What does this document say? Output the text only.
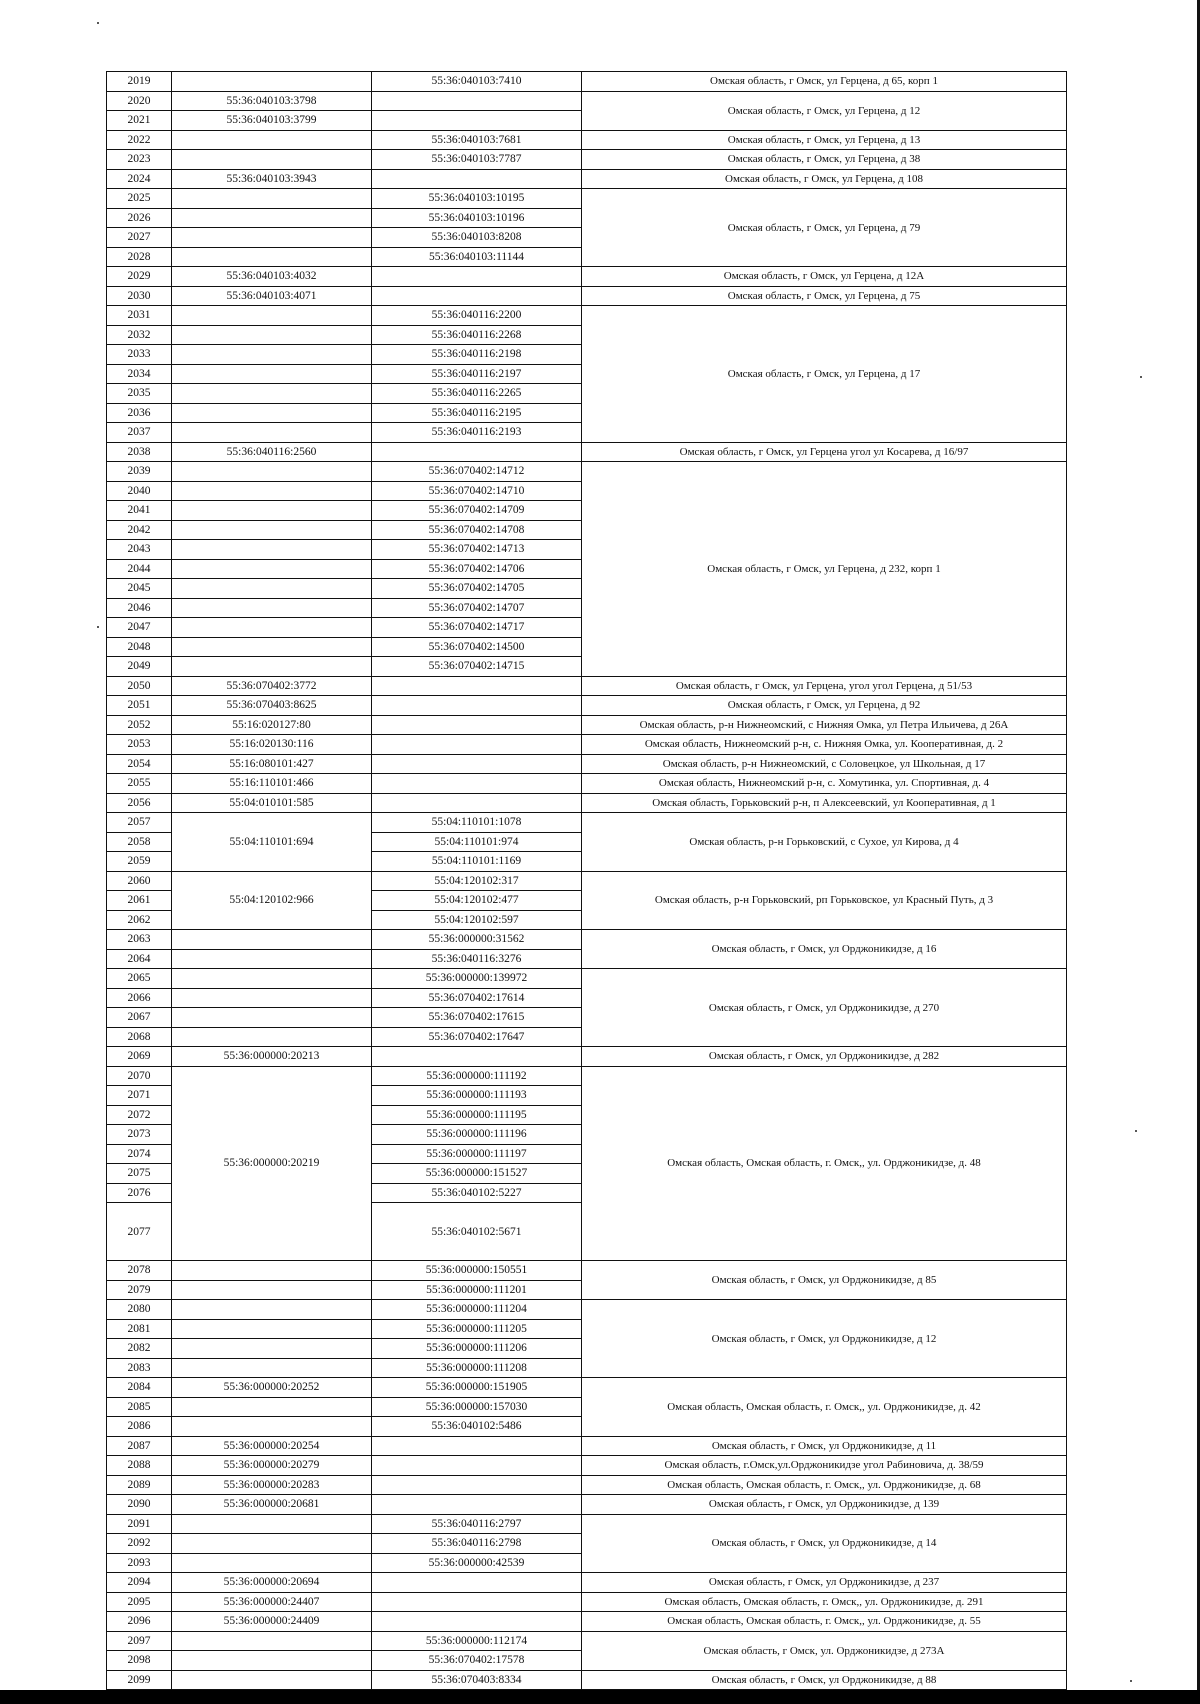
2019		55:36:040103:7410	Омская область, г Омск, ул Герцена, д 65, корп 1
2020	55:36:040103:3798		Омская область, г Омск, ул Герцена, д 12
2021	55:36:040103:3799		
2022		55:36:040103:7681	Омская область, г Омск, ул Герцена, д 13
2023		55:36:040103:7787	Омская область, г Омск, ул Герцена, д 38
2024	55:36:040103:3943		Омская область, г Омск, ул Герцена, д 108
2025		55:36:040103:10195	Омская область, г Омск, ул Герцена, д 79
2026		55:36:040103:10196	
2027		55:36:040103:8208	
2028		55:36:040103:11144	
2029	55:36:040103:4032		Омская область, г Омск, ул Герцена, д 12А
2030	55:36:040103:4071		Омская область, г Омск, ул Герцена, д 75
2031		55:36:040116:2200	Омская область, г Омск, ул Герцена, д 17
2032		55:36:040116:2268	
2033		55:36:040116:2198	
2034		55:36:040116:2197	
2035		55:36:040116:2265	
2036		55:36:040116:2195	
2037		55:36:040116:2193	
2038	55:36:040116:2560		Омская область, г Омск, ул Герцена угол ул Косарева, д 16/97
2039		55:36:070402:14712	Омская область, г Омск, ул Герцена, д 232, корп 1
2040		55:36:070402:14710	
2041		55:36:070402:14709	
2042		55:36:070402:14708	
2043		55:36:070402:14713	
2044		55:36:070402:14706	
2045		55:36:070402:14705	
2046		55:36:070402:14707	
2047		55:36:070402:14717	
2048		55:36:070402:14500	
2049		55:36:070402:14715	
2050	55:36:070402:3772		Омская область, г Омск, ул Герцена, угол угол Герцена, д 51/53
2051	55:36:070403:8625		Омская область, г Омск, ул Герцена, д 92
2052	55:16:020127:80		Омская область, р-н Нижнеомский, с Нижняя Омка, ул Петра Ильичева, д 26А
2053	55:16:020130:116		Омская область, Нижнеомский р-н, с. Нижняя Омка, ул. Кооперативная, д. 2
2054	55:16:080101:427		Омская область, р-н Нижнеомский, с Соловецкое, ул Школьная, д 17
2055	55:16:110101:466		Омская область, Нижнеомский р-н, с. Хомутинка, ул. Спортивная, д. 4
2056	55:04:010101:585		Омская область, Горьковский р-н, п Алексеевский, ул Кооперативная, д 1
2057	55:04:110101:694	55:04:110101:1078	Омская область, р-н Горьковский, с Сухое, ул Кирова, д 4
2058		55:04:110101:974	
2059		55:04:110101:1169	
2060	55:04:120102:966	55:04:120102:317	Омская область, р-н Горьковский, рп Горьковское, ул Красный Путь, д 3
2061		55:04:120102:477	
2062		55:04:120102:597	
2063		55:36:000000:31562	Омская область, г Омск, ул Орджоникидзе, д 16
2064		55:36:040116:3276	
2065		55:36:000000:139972	Омская область, г Омск, ул Орджоникидзе, д 270
2066		55:36:070402:17614	
2067		55:36:070402:17615	
2068		55:36:070402:17647	
2069	55:36:000000:20213		Омская область, г Омск, ул Орджоникидзе, д 282
2070	55:36:000000:20219	55:36:000000:111192	Омская область, Омская область, г. Омск,, ул. Орджоникидзе, д. 48
2071		55:36:000000:111193	
2072		55:36:000000:111195	
2073		55:36:000000:111196	
2074		55:36:000000:111197	
2075		55:36:000000:151527	
2076		55:36:040102:5227	
2077		55:36:040102:5671	
2078		55:36:000000:150551	Омская область, г Омск, ул Орджоникидзе, д 85
2079		55:36:000000:111201	
2080		55:36:000000:111204	Омская область, г Омск, ул Орджоникидзе, д 12
2081		55:36:000000:111205	
2082		55:36:000000:111206	
2083		55:36:000000:111208	
2084	55:36:000000:20252	55:36:000000:151905	Омская область, Омская область, г. Омск,, ул. Орджоникидзе, д. 42
2085		55:36:000000:157030	
2086		55:36:040102:5486	
2087	55:36:000000:20254		Омская область, г Омск, ул Орджоникидзе, д 11
2088	55:36:000000:20279		Омская область, г.Омск,ул.Орджоникидзе угол Рабиновича, д. 38/59
2089	55:36:000000:20283		Омская область, Омская область, г. Омск,, ул. Орджоникидзе, д. 68
2090	55:36:000000:20681		Омская область, г Омск, ул Орджоникидзе, д 139
2091		55:36:040116:2797	Омская область, г Омск, ул Орджоникидзе, д 14
2092		55:36:040116:2798	
2093		55:36:000000:42539	
2094	55:36:000000:20694		Омская область, г Омск, ул Орджоникидзе, д 237
2095	55:36:000000:24407		Омская область, Омская область, г. Омск,, ул. Орджоникидзе, д. 291
2096	55:36:000000:24409		Омская область, Омская область, г. Омск,, ул. Орджоникидзе, д. 55
2097		55:36:000000:112174	Омская область, г Омск, ул. Орджоникидзе, д 273А
2098		55:36:070402:17578	
2099		55:36:070403:8334	Омская область, г Омск, ул Орджоникидзе, д 88
